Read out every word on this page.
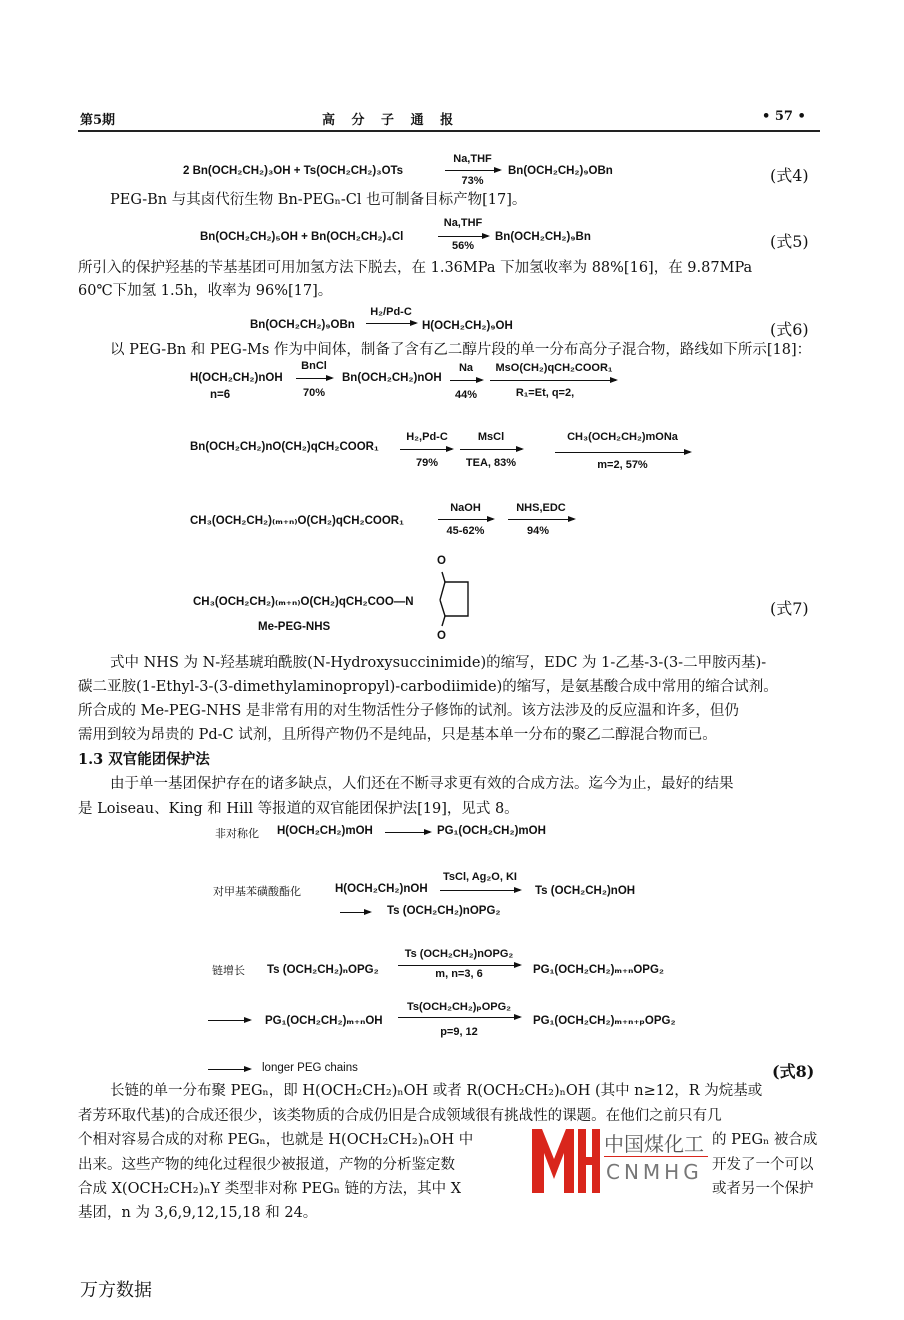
第5期	高 分 子 通 报	• 57 •
2 Bn(OCH₂CH₂)₃OH + Ts(OCH₂CH₂)₃OTs
Na,THF
73%
Bn(OCH₂CH₂)₉OBn	(式4)
PEG-Bn 与其卤代衍生物 Bn-PEGₙ-Cl 也可制备目标产物[17]。
Bn(OCH₂CH₂)₅OH + Bn(OCH₂CH₂)₄Cl
Na,THF
56%
Bn(OCH₂CH₂)₉Bn	(式5)
所引入的保护羟基的苄基基团可用加氢方法下脱去，在 1.36MPa 下加氢收率为 88%[16]，在 9.87MPa
60℃下加氢 1.5h，收率为 96%[17]。
Bn(OCH₂CH₂)₉OBn
H₂/Pd-C
→ H(OCH₂CH₂)₉OH	(式6)
以 PEG-Bn 和 PEG-Ms 作为中间体，制备了含有乙二醇片段的单一分布高分子混合物，路线如下所示[18]：
H(OCH₂CH₂)nOH
n=6
BnCl
70%
Bn(OCH₂CH₂)nOH
Na
44%
MsO(CH₂)qCH₂COOR₁
R₁=Et, q=2,
Bn(OCH₂CH₂)nO(CH₂)qCH₂COOR₁
H₂,Pd-C
79%
MsCl
TEA, 83%
CH₃(OCH₂CH₂)mONa
m=2, 57%
CH₃(OCH₂CH₂)₍ₘ₊ₙ₎O(CH₂)qCH₂COOR₁
NaOH
45-62%
NHS,EDC
94%
CH₃(OCH₂CH₂)₍ₘ₊ₙ₎O(CH₂)qCH₂COO—N
O
O
Me-PEG-NHS
(式7)
式中 NHS 为 N-羟基琥珀酰胺(N-Hydroxysuccinimide)的缩写，EDC 为 1-乙基-3-(3-二甲胺丙基)-
碳二亚胺(1-Ethyl-3-(3-dimethylaminopropyl)-carbodiimide)的缩写，是氨基酸合成中常用的缩合试剂。
所合成的 Me-PEG-NHS 是非常有用的对生物活性分子修饰的试剂。该方法涉及的反应温和许多，但仍
需用到较为昂贵的 Pd-C 试剂，且所得产物仍不是纯品，只是基本单一分布的聚乙二醇混合物而已。
1.3 双官能团保护法
由于单一基团保护存在的诸多缺点，人们还在不断寻求更有效的合成方法。迄今为止，最好的结果
是 Loiseau、King 和 Hill 等报道的双官能团保护法[19]，见式 8。
非对称化 H(OCH₂CH₂)mOH → PG₁(OCH₂CH₂)mOH
对甲基苯磺酸酯化	H(OCH₂CH₂)nOH
TsCl, Ag₂O, KI
Ts (OCH₂CH₂)nOH
→ Ts (OCH₂CH₂)nOPG₂
链增长 Ts (OCH₂CH₂)ₙOPG₂
Ts (OCH₂CH₂)nOPG₂
m, n=3, 6	PG₁(OCH₂CH₂)ₘ₊ₙOPG₂
→ PG₁(OCH₂CH₂)ₘ₊ₙOH
Ts(OCH₂CH₂)ₚOPG₂
p=9, 12
PG₁(OCH₂CH₂)ₘ₊ₙ₊ₚOPG₂
→ longer PEG chains	(式8)
长链的单一分布聚 PEGₙ，即 H(OCH₂CH₂)ₙOH 或者 R(OCH₂CH₂)ₙOH (其中 n≥12，R 为烷基或
者芳环取代基)的合成还很少，该类物质的合成仍旧是合成领域很有挑战性的课题。在他们之前只有几
个相对容易合成的对称 PEGₙ，也就是 H(OCH₂CH₂)ₙOH 中
出来。这些产物的纯化过程很少被报道，产物的分析鉴定数
合成 X(OCH₂CH₂)ₙY 类型非对称 PEGₙ 链的方法，其中 X
基团，n 为 3,6,9,12,15,18 和 24。
的 PEGₙ 被合成
开发了一个可以
或者另一个保护
中国煤化工
CNMHG
万方数据
